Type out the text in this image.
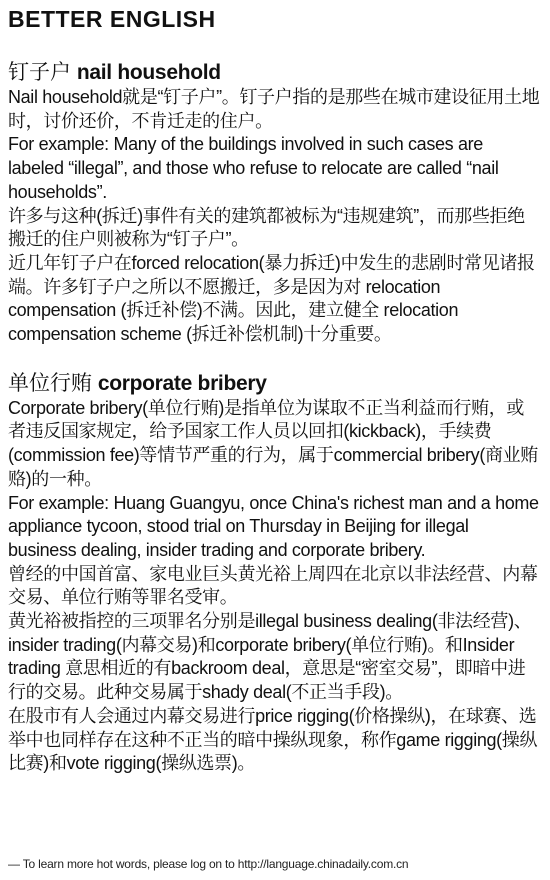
BETTER ENGLISH

钉子户 nail household

Nail household就是“钉子户”。钉子户指的是那些在城市建设征用土地时，讨价还价，不肯迁走的住户。

For example: Many of the buildings involved in such cases are labeled “illegal”, and those who refuse to relocate are called “nail households”.

许多与这种(拆迁)事件有关的建筑都被标为“违规建筑”，而那些拒绝搬迁的住户则被称为“钉子户”。

近几年钉子户在forced relocation(暴力拆迁)中发生的悲剧时常见诸报端。许多钉子户之所以不愿搬迁，多是因为对 relocation compensation (拆迁补偿)不满。因此，建立健全 relocation compensation scheme (拆迁补偿机制)十分重要。

单位行贿 corporate bribery

Corporate bribery(单位行贿)是指单位为谋取不正当利益而行贿，或者违反国家规定，给予国家工作人员以回扣(kickback)，手续费(commission fee)等情节严重的行为，属于commercial bribery(商业贿赂)的一种。

For example: Huang Guangyu, once China's richest man and a home appliance tycoon, stood trial on Thursday in Beijing for illegal business dealing, insider trading and corporate bribery.

曾经的中国首富、家电业巨头黄光裕上周四在北京以非法经营、内幕交易、单位行贿等罪名受审。

黄光裕被指控的三项罪名分别是illegal business dealing(非法经营)、insider trading(内幕交易)和corporate bribery(单位行贿)。和Insider trading 意思相近的有backroom deal，意思是“密室交易”，即暗中进行的交易。此种交易属于shady deal(不正当手段)。

在股市有人会通过内幕交易进行price rigging(价格操纵)，在球赛、选举中也同样存在这种不正当的暗中操纵现象，称作game rigging(操纵比赛)和vote rigging(操纵选票)。

— To learn more hot words, please log on to http://language.chinadaily.com.cn
